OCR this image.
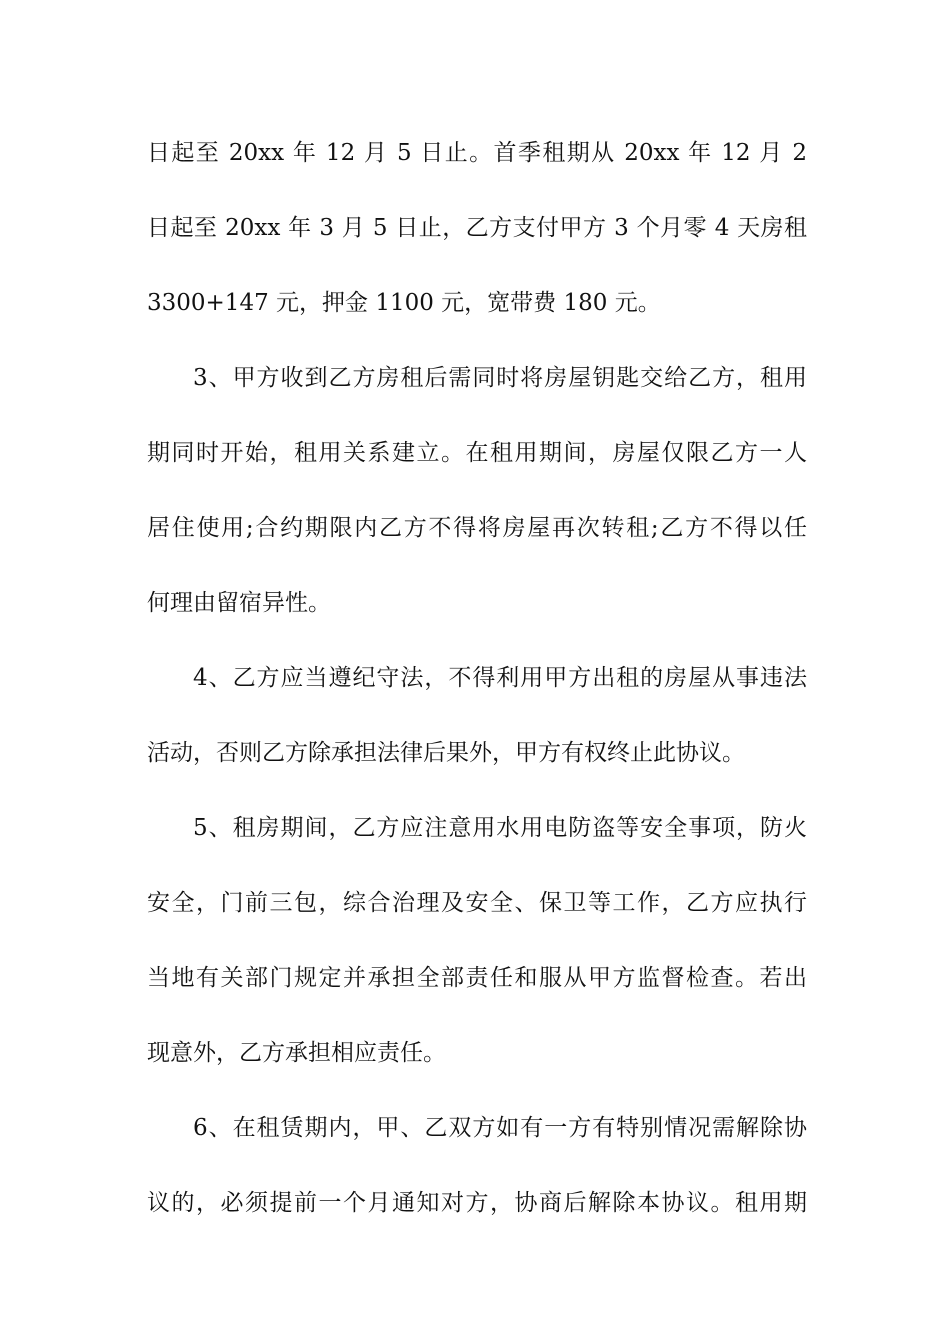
日起至 20xx 年 12 月 5 日止。首季租期从 20xx 年 12 月 2
日起至 20xx 年 3 月 5 日止，乙方支付甲方 3 个月零 4 天房租
3300+147 元，押金 1100 元，宽带费 180 元。
3、甲方收到乙方房租后需同时将房屋钥匙交给乙方，租用
期同时开始，租用关系建立。在租用期间，房屋仅限乙方一人
居住使用;合约期限内乙方不得将房屋再次转租;乙方不得以任
何理由留宿异性。
4、乙方应当遵纪守法，不得利用甲方出租的房屋从事违法
活动，否则乙方除承担法律后果外，甲方有权终止此协议。
5、租房期间，乙方应注意用水用电防盗等安全事项，防火
安全，门前三包，综合治理及安全、保卫等工作，乙方应执行
当地有关部门规定并承担全部责任和服从甲方监督检查。若出
现意外，乙方承担相应责任。
6、在租赁期内，甲、乙双方如有一方有特别情况需解除协
议的，必须提前一个月通知对方，协商后解除本协议。租用期
